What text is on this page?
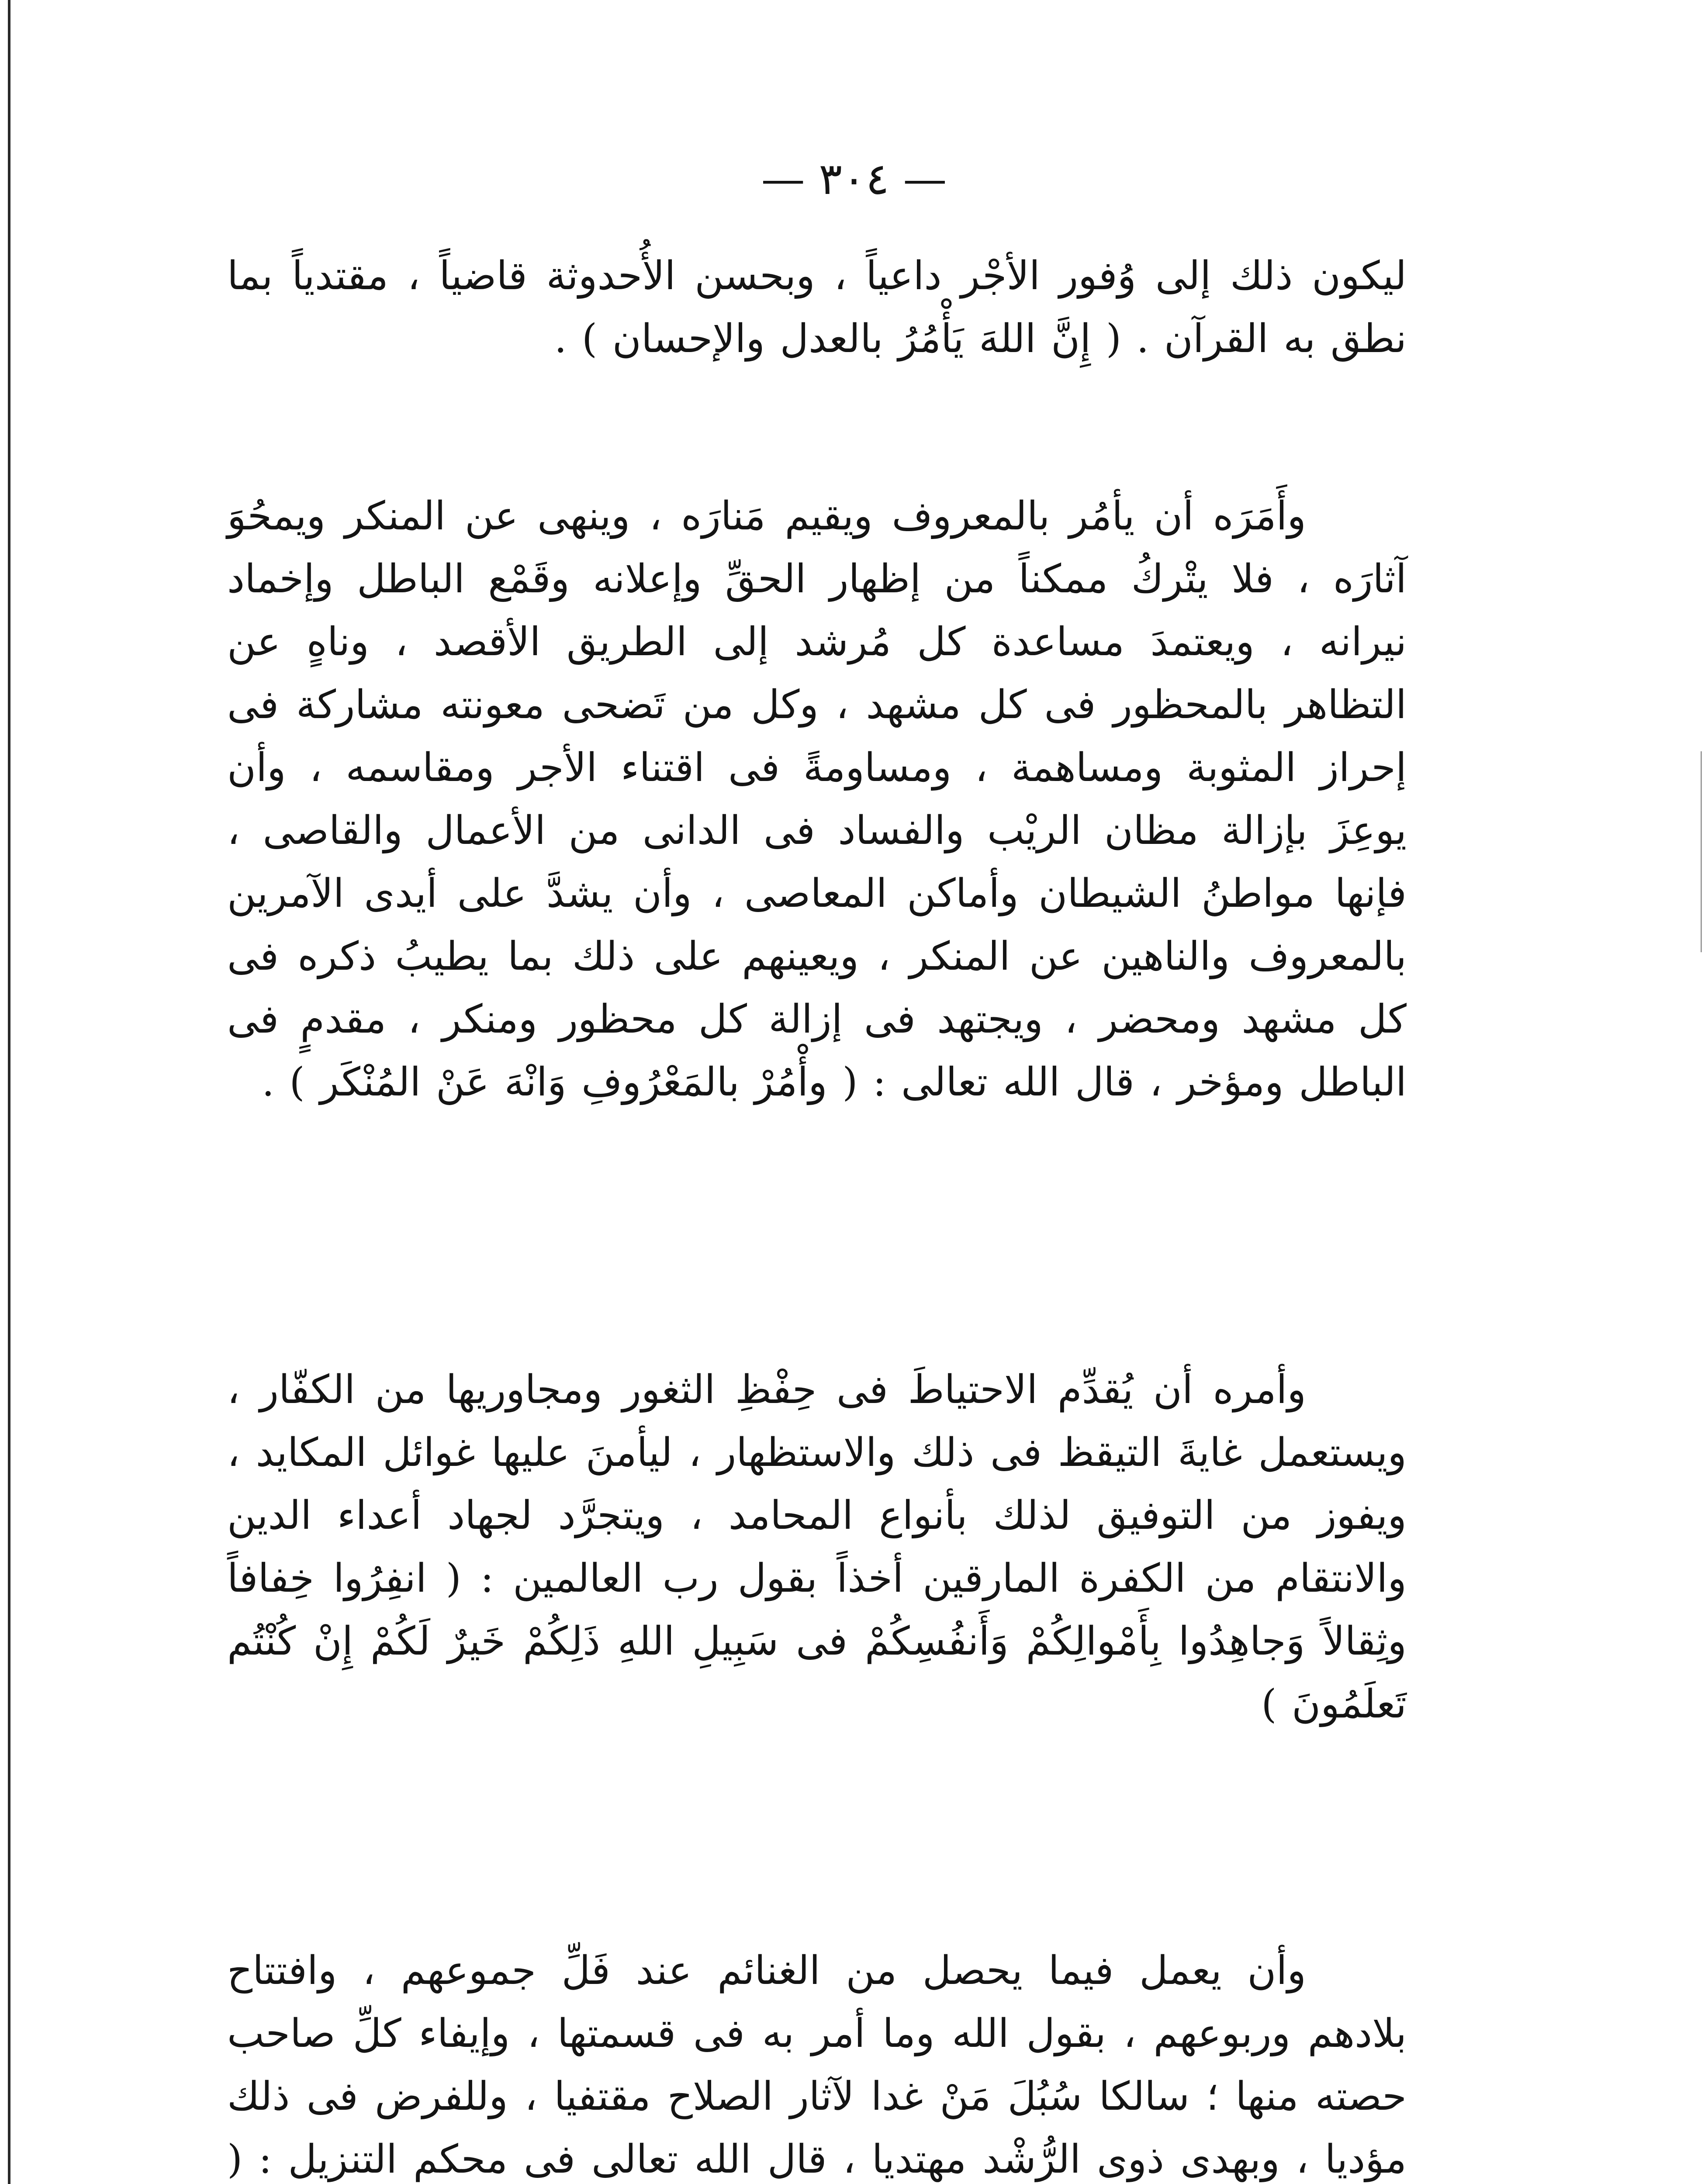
— ٣٠٤ —

ليكون ذلك إلى وُفور الأجْر داعياً ، وبحسن الأُحدوثة قاضياً ، مقتدياً بما نطق به القرآن . ( إِنَّ اللهَ يَأْمُرُ بالعدل والإحسان ) .

وأَمَرَه أن يأمُر بالمعروف ويقيم مَنارَه ، وينهى عن المنكر ويمحُوَ آثارَه ، فلا يتْركُ ممكناً من إظهار الحقِّ وإعلانه وقَمْع الباطل وإخماد نيرانه ، ويعتمدَ مساعدة كل مُرشد إلى الطريق الأقصد ، وناهٍ عن التظاهر بالمحظور فى كل مشهد ، وكل من تَضحى معونته مشاركة فى إحراز المثوبة ومساهمة ، ومساومةً فى اقتناء الأجر ومقاسمه ، وأن يوعِزَ بإزالة مظان الريْب والفساد فى الدانى من الأعمال والقاصى ، فإنها مواطنُ الشيطان وأماكن المعاصى ، وأن يشدَّ على أيدى الآمرين بالمعروف والناهين عن المنكر ، ويعينهم على ذلك بما يطيبُ ذكره فى كل مشهد ومحضر ، ويجتهد فى إزالة كل محظور ومنكر ، مقدمٍ فى الباطل ومؤخر ، قال الله تعالى : ( وأْمُرْ بالمَعْرُوفِ وَانْهَ عَنْ المُنْكَر ) .

وأمره أن يُقدِّم الاحتياطَ فى حِفْظِ الثغور ومجاوريها من الكفّار ، ويستعمل غايةَ التيقظ فى ذلك والاستظهار ، ليأمنَ عليها غوائل المكايد ، ويفوز من التوفيق لذلك بأنواع المحامد ، ويتجرَّد لجهاد أعداء الدين والانتقام من الكفرة المارقين أخذاً بقول رب العالمين : ( انفِرُوا خِفافاً وثِقالاً وَجاهِدُوا بِأَمْوالِكُمْ وَأَنفُسِكُمْ فى سَبِيلِ اللهِ ذَلِكُمْ خَيرٌ لَكُمْ إِنْ كُنْتُم تَعلَمُونَ )

وأن يعمل فيما يحصل من الغنائم عند فَلِّ جموعهم ، وافتتاح بلادهم وربوعهم ، بقول الله وما أمر به فى قسمتها ، وإيفاء كلِّ صاحب حصته منها ؛ سالكا سُبُلَ مَنْ غدا لآثار الصلاح مقتفيا ، وللفرض فى ذلك مؤديا ، وبهدى ذوى الرُّشْد مهتديا ، قال الله تعالى فى محكم التنزيل : (
